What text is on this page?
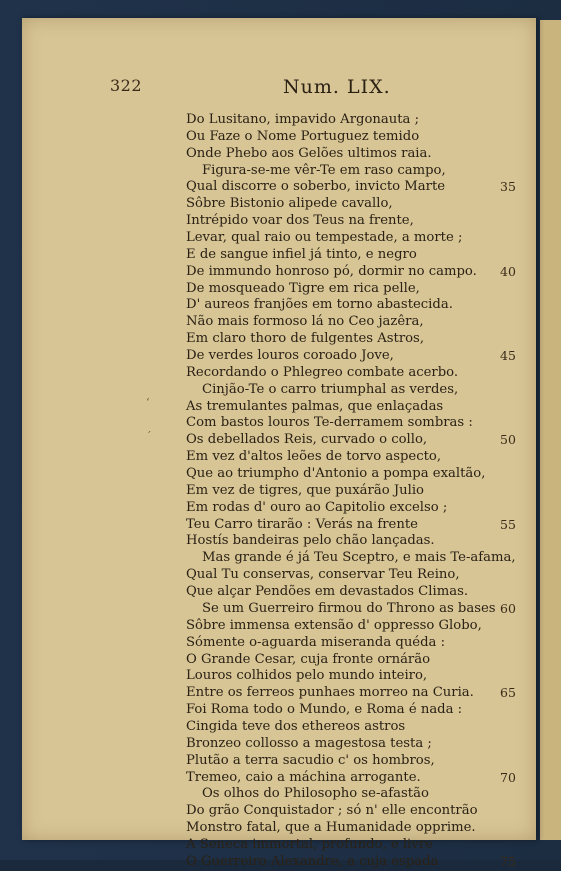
322	Num. LIX.
ʻ
ˊ
Do Lusitano, impavido Argonauta ;
Ou Faze o Nome Portuguez temido
Onde Phebo aos Gelões ultimos raia.
Figura-se-me vêr-Te em raso campo,
Qual discorre o soberbo, invicto Marte	35
Sôbre Bistonio alipede cavallo,
Intrépido voar dos Teus na frente,
Levar, qual raio ou tempestade, a morte ;
E de sangue infiel já tinto, e negro
De immundo honroso pó, dormir no campo. 40
De mosqueado Tigre em rica pelle,
D' aureos franjões em torno abastecida.
Não mais formoso lá no Ceo jazêra,
Em claro thoro de fulgentes Astros,
De verdes louros coroado Jove,	45
Recordando o Phlegreo combate acerbo.
Cinjão-Te o carro triumphal as verdes,
As tremulantes palmas, que enlaçadas
Com bastos louros Te-derramem sombras :
Os debellados Reis, curvado o collo,	50
Em vez d'altos leões de torvo aspecto,
Que ao triumpho d'Antonio a pompa exaltão,
Em vez de tigres, que puxárão Julio
Em rodas d' ouro ao Capitolio excelso ;
Teu Carro tirarão : Verás na frente	55
Hostís bandeiras pelo chão lançadas.
Mas grande é já Teu Sceptro, e mais Te-afama,
Qual Tu conservas, conservar Teu Reino,
Que alçar Pendões em devastados Climas.
Se um Guerreiro firmou do Throno as bases 60
Sôbre immensa extensão d' oppresso Globo,
Sómente o-aguarda miseranda quéda :
O Grande Cesar, cuja fronte ornárão
Louros colhidos pelo mundo inteiro,
Entre os ferreos punhaes morreo na Curia. 65
Foi Roma todo o Mundo, e Roma é nada :
Cingida teve dos ethereos astros
Bronzeo collosso a magestosa testa ;
Plutão a terra sacudio c' os hombros,
Tremeo, caio a máchina arrogante.	70
Os olhos do Philosopho se-afastão
Do grão Conquistador ; só n' elle encontrão
Monstro fatal, que a Humanidade opprime.
A Seneca immortal, profundo, e livre
O Guerreiro Alexandre, a cuja espada	75
